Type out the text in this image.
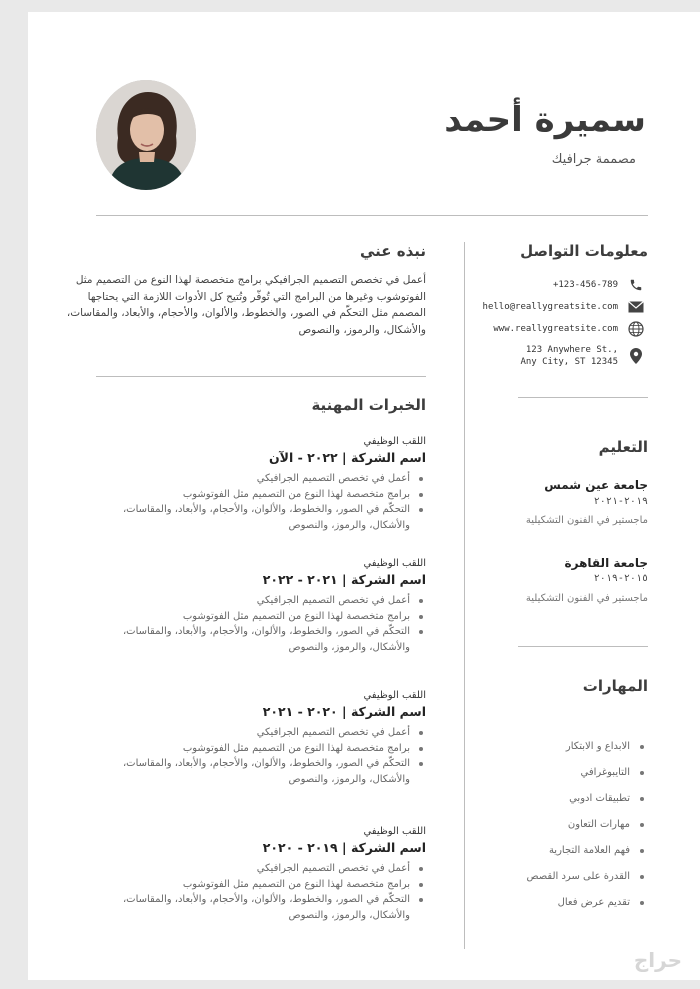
سميرة أحمد
مصممة جرافيك
معلومات التواصل
+123-456-789
hello@reallygreatsite.com
www.reallygreatsite.com
123 Anywhere St.,
Any City, ST 12345
التعليم
جامعة عين شمس
٢٠١٩-٢٠٢١
ماجستير في الفنون التشكيلية
جامعة القاهرة
٢٠١٥-٢٠١٩
ماجستير في الفنون التشكيلية
المهارات
الابداع و الابتكار
التايبوغرافي
تطبيقات ادوبي
مهارات التعاون
فهم العلامة التجارية
القدرة على سرد القصص
تقديم عرض فعال
نبذه عني
أعمل في تخصص التصميم الجرافيكي برامج متخصصة لهذا النوع من التصميم مثل الفوتوشوب وغيرها من البرامج التي تُوفّر وتُتيح كل الأدوات اللازمة التي يحتاجها المصمم مثل التحكّم في الصور، والخطوط، والألوان، والأحجام، والأبعاد، والمقاسات، والأشكال، والرموز، والنصوص
الخبرات المهنية
اللقب الوظيفي
اسم الشركة | ٢٠٢٢ - الآن
أعمل في تخصص التصميم الجرافيكي
برامج متخصصة لهذا النوع من التصميم مثل الفوتوشوب
التحكّم في الصور، والخطوط، والألوان، والأحجام، والأبعاد، والمقاسات، والأشكال، والرموز، والنصوص
اللقب الوظيفي
اسم الشركة | ٢٠٢١ - ٢٠٢٢
أعمل في تخصص التصميم الجرافيكي
برامج متخصصة لهذا النوع من التصميم مثل الفوتوشوب
التحكّم في الصور، والخطوط، والألوان، والأحجام، والأبعاد، والمقاسات، والأشكال، والرموز، والنصوص
اللقب الوظيفي
اسم الشركة | ٢٠٢٠ - ٢٠٢١
أعمل في تخصص التصميم الجرافيكي
برامج متخصصة لهذا النوع من التصميم مثل الفوتوشوب
التحكّم في الصور، والخطوط، والألوان، والأحجام، والأبعاد، والمقاسات، والأشكال، والرموز، والنصوص
اللقب الوظيفي
اسم الشركة | ٢٠١٩ - ٢٠٢٠
أعمل في تخصص التصميم الجرافيكي
برامج متخصصة لهذا النوع من التصميم مثل الفوتوشوب
التحكّم في الصور، والخطوط، والألوان، والأحجام، والأبعاد، والمقاسات، والأشكال، والرموز، والنصوص
حراج
